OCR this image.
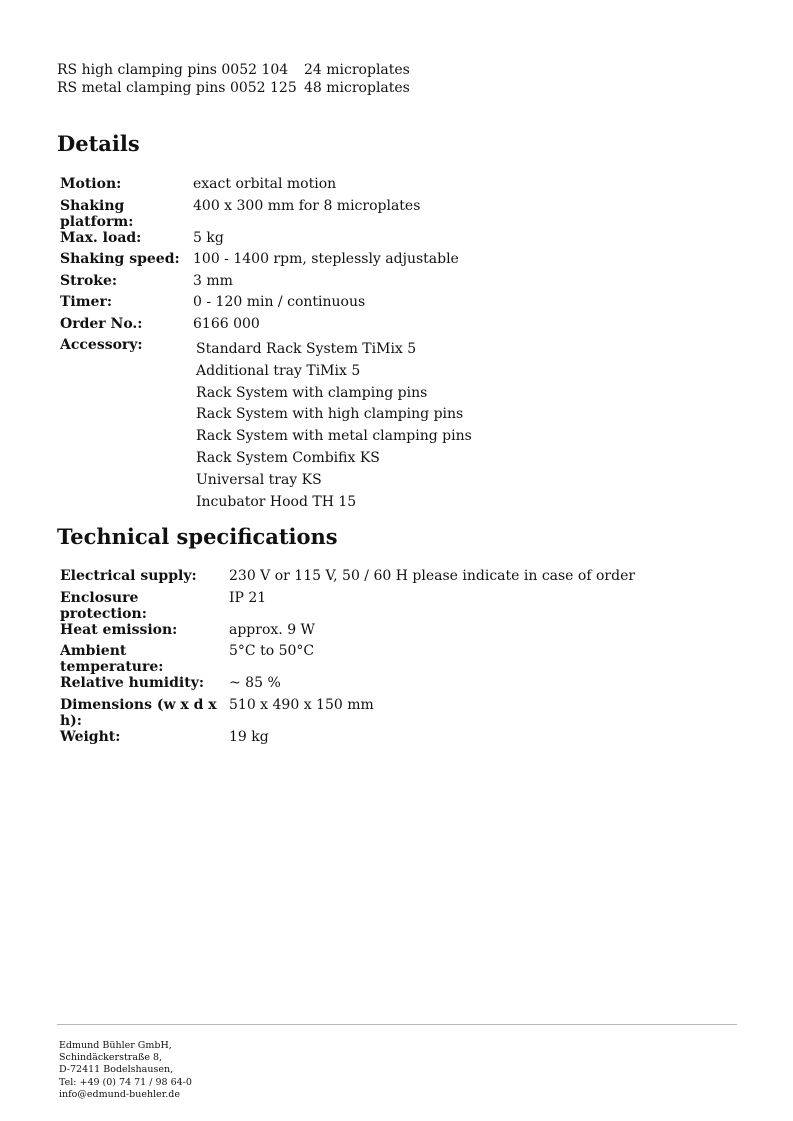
RS high clamping pins 0052 104	24 microplates
RS metal clamping pins 0052 125 48 microplates
Details
Motion:	exact orbital motion
Shaking platform:
400 x 300 mm for 8 microplates
Max. load:	5 kg
Shaking speed: 100 - 1400 rpm, steplessly adjustable
Stroke:	3 mm
Timer:	0 - 120 min / continuous
Order No.:	6166 000
Accessory:	Standard Rack System TiMix 5
Additional tray TiMix 5
Rack System with clamping pins
Rack System with high clamping pins
Rack System with metal clamping pins
Rack System Combifix KS
Universal tray KS
Incubator Hood TH 15
Technical specifications
Electrical supply:	230 V or 115 V, 50 / 60 H please indicate in case of order
Enclosure protection:
IP 21
Heat emission:	approx. 9 W
Ambient temperature:
5°C to 50°C
Relative humidity:	~ 85 %
Dimensions (w x d x h):
510 x 490 x 150 mm
Weight:	19 kg
Edmund Bühler GmbH,
Schindäckerstraße 8,
D-72411 Bodelshausen,
Tel: +49 (0) 74 71 / 98 64-0
info@edmund-buehler.de
